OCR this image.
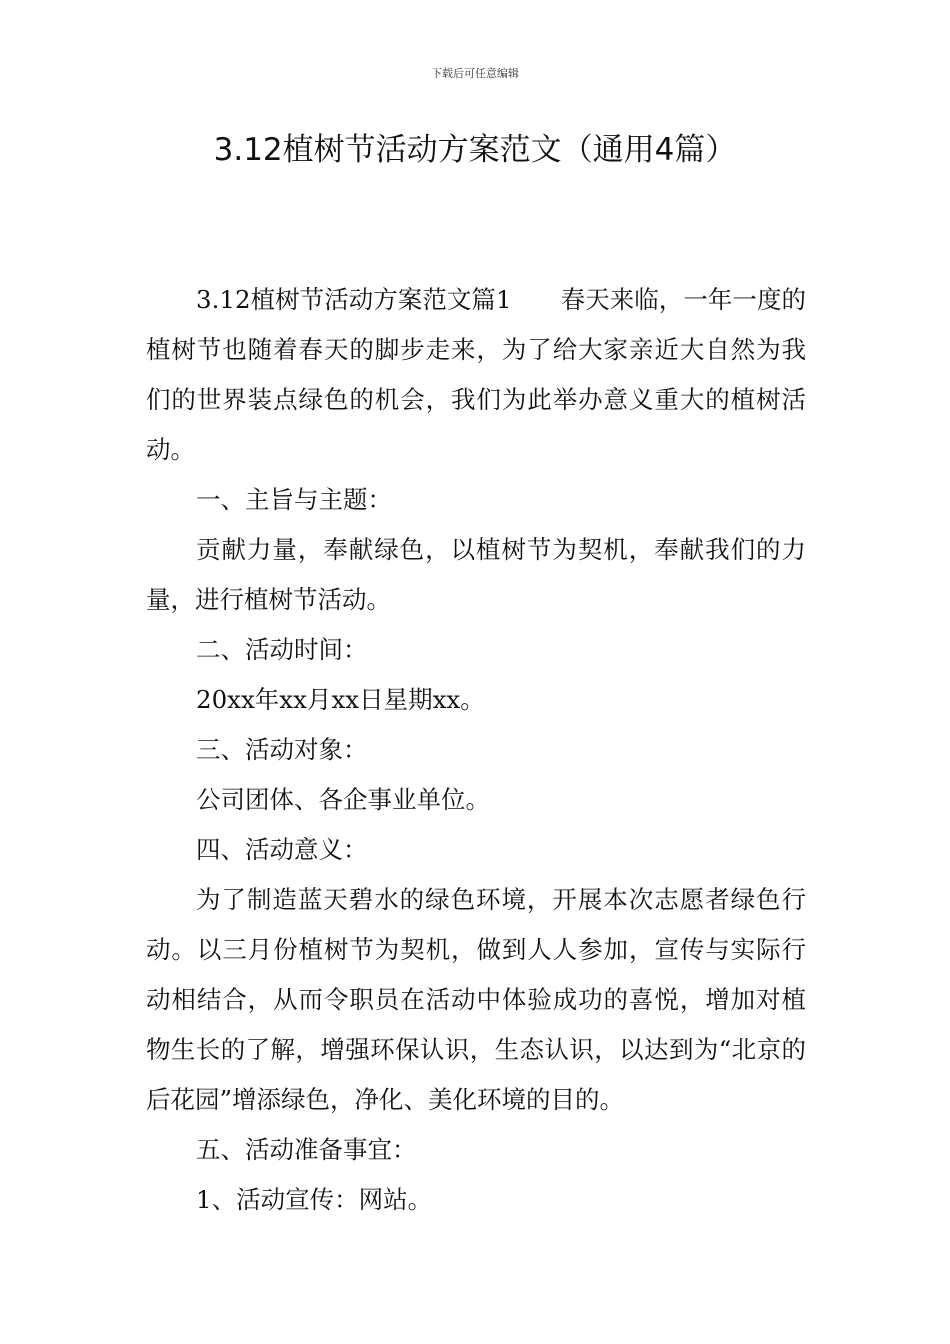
下载后可任意编辑
3.12植树节活动方案范文（通用4篇）

3.12植树节活动方案范文篇1　　春天来临，一年一度的植树节也随着春天的脚步走来，为了给大家亲近大自然为我们的世界装点绿色的机会，我们为此举办意义重大的植树活动。

一、主旨与主题：

贡献力量，奉献绿色，以植树节为契机，奉献我们的力量，进行植树节活动。

二、活动时间：

20xx年xx月xx日星期xx。

三、活动对象：

公司团体、各企事业单位。

四、活动意义：

为了制造蓝天碧水的绿色环境，开展本次志愿者绿色行动。以三月份植树节为契机，做到人人参加，宣传与实际行动相结合，从而令职员在活动中体验成功的喜悦，增加对植物生长的了解，增强环保认识，生态认识，以达到为“北京的后花园”增添绿色，净化、美化环境的目的。

五、活动准备事宜：

1、活动宣传：网站。
